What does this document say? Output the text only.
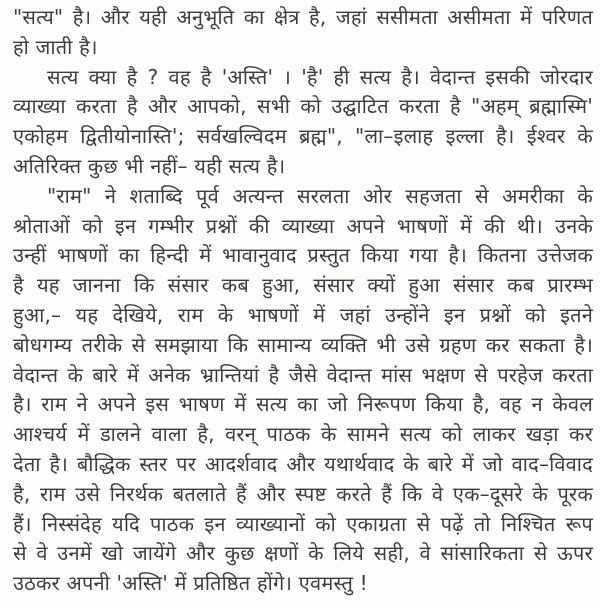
"सत्य" है। और यही अनुभूति का क्षेत्र है, जहां ससीमता असीमता में परिणत
हो जाती है।
सत्य क्या है ? वह है 'अस्ति' । 'है' ही सत्य है। वेदान्त इसकी जोरदार
व्याख्या करता है और आपको, सभी को उद्घाटित करता है "अहम् ब्रह्मास्मि'
एकोहम द्वितीयोनास्ति'; सर्वखल्विदम ब्रह्म", "ला–इलाह इल्ला है। ईश्वर के
अतिरिक्त कुछ भी नहीं– यही सत्य है।
"राम" ने शताब्दि पूर्व अत्यन्त सरलता ओर सहजता से अमरीका के
श्रोताओं को इन गम्भीर प्रश्नों की व्याख्या अपने भाषणों में की थी। उनके
उन्हीं भाषणों का हिन्दी में भावानुवाद प्रस्तुत किया गया है। कितना उत्तेजक
है यह जानना कि संसार कब हुआ, संसार क्यों हुआ संसार कब प्रारम्भ
हुआ,– यह देखिये, राम के भाषणों में जहां उन्होंने इन प्रश्नों को इतने
बोधगम्य तरीके से समझाया कि सामान्य व्यक्ति भी उसे ग्रहण कर सकता है।
वेदान्त के बारे में अनेक भ्रान्तियां है जैसे वेदान्त मांस भक्षण से परहेज करता
है। राम ने अपने इस भाषण में सत्य का जो निरूपण किया है, वह न केवल
आश्चर्य में डालने वाला है, वरन् पाठक के सामने सत्य को लाकर खड़ा कर
देता है। बौद्धिक स्तर पर आदर्शवाद और यथार्थवाद के बारे में जो वाद–विवाद
है, राम उसे निरर्थक बतलाते हैं और स्पष्ट करते हैं कि वे एक–दूसरे के पूरक
हैं। निस्संदेह यदि पाठक इन व्याख्यानों को एकाग्रता से पढ़ें तो निश्चित रूप
से वे उनमें खो जायेंगे और कुछ क्षणों के लिये सही, वे सांसारिकता से ऊपर
उठकर अपनी 'अस्ति' में प्रतिष्ठित होंगे। एवमस्तु !
